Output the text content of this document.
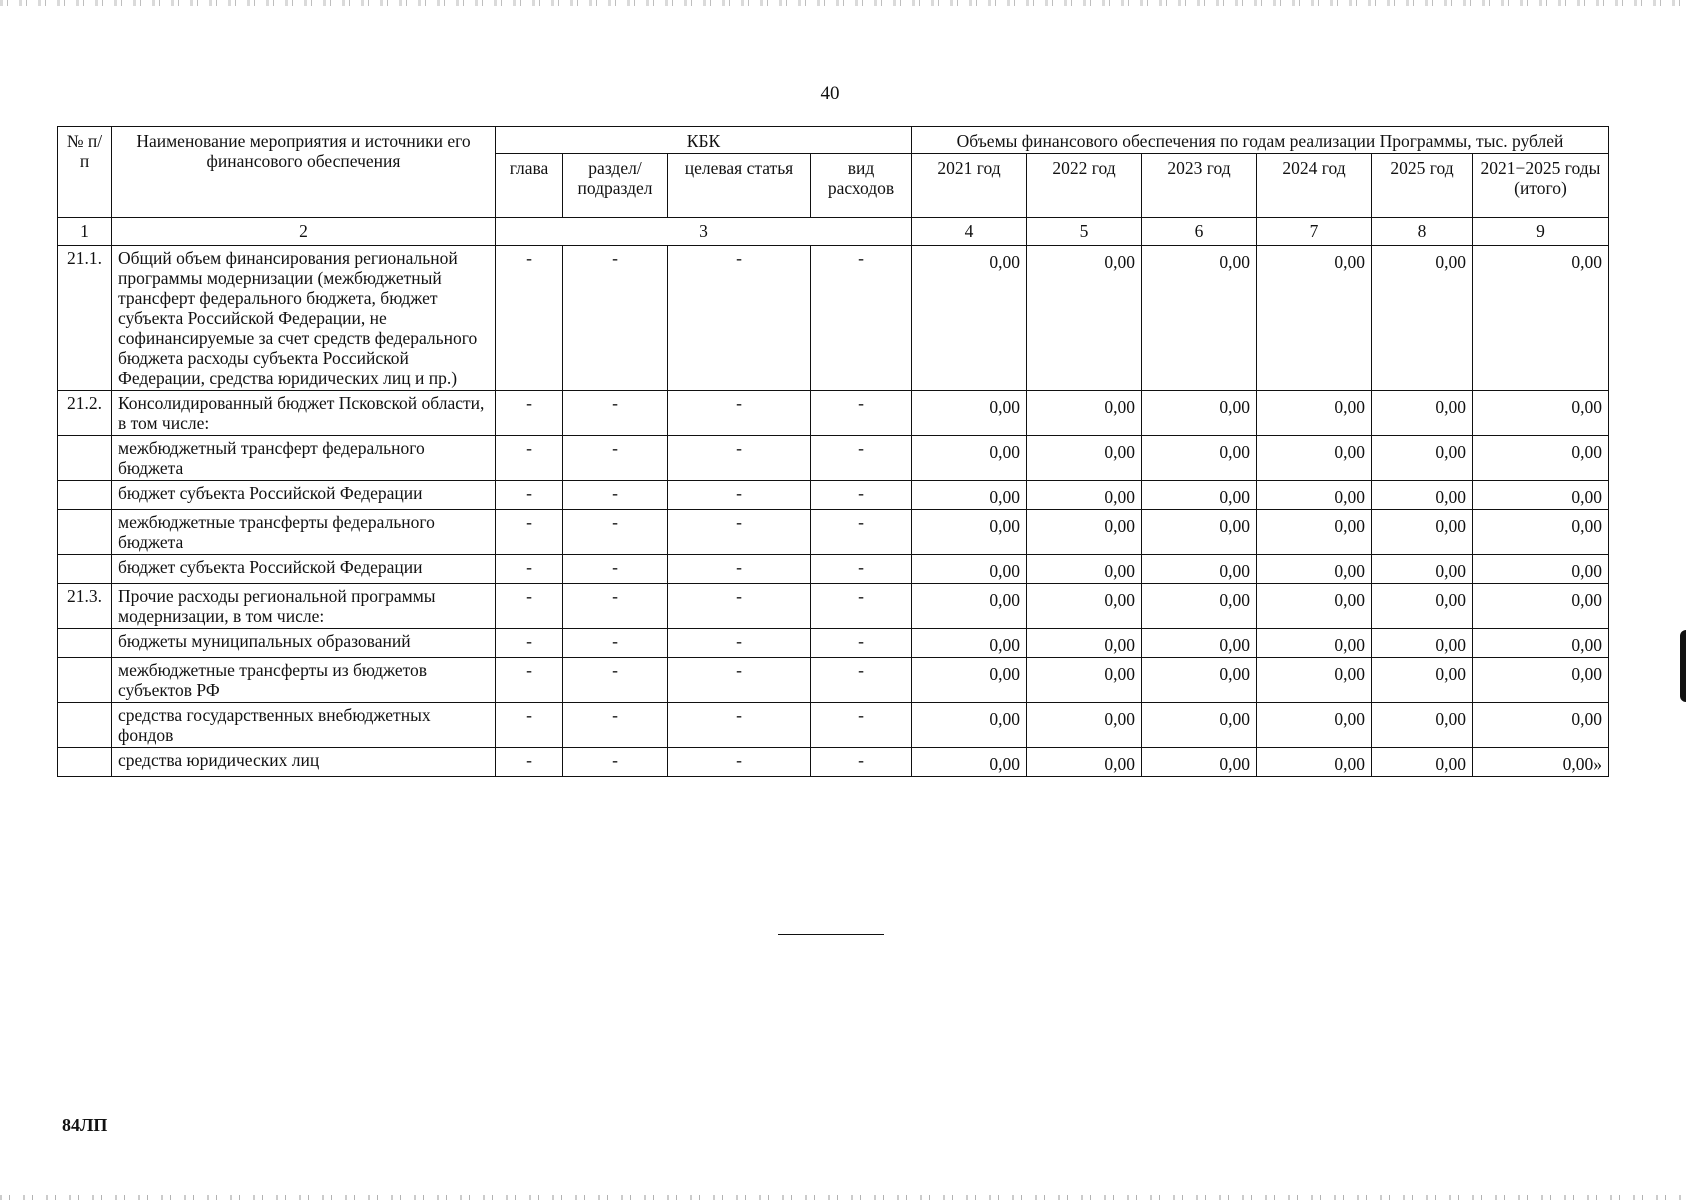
40
№ п/п	Наименование мероприятия и источники его финансового обеспечения	КБК				Объемы финансового обеспечения по годам реализации Программы, тыс. рублей					
		глава	раздел/ подраздел	целевая статья	вид расходов	2021 год	2022 год	2023 год	2024 год	2025 год	2021−2025 годы (итого)
1	2	3				4	5	6	7	8	9
21.1.	Общий объем финансирования региональной программы модернизации (межбюджетный трансферт федерального бюджета, бюджет субъекта Российской Федерации, не софинансируемые за счет средств федерального бюджета расходы субъекта Российской Федерации, средства юридических лиц и пр.)	-	-	-	-	0,00	0,00	0,00	0,00	0,00	0,00
21.2.	Консолидированный бюджет Псковской области, в том числе:	-	-	-	-	0,00	0,00	0,00	0,00	0,00	0,00
	межбюджетный трансферт федерального бюджета	-	-	-	-	0,00	0,00	0,00	0,00	0,00	0,00
	бюджет субъекта Российской Федерации	-	-	-	-	0,00	0,00	0,00	0,00	0,00	0,00
	межбюджетные трансферты федерального бюджета	-	-	-	-	0,00	0,00	0,00	0,00	0,00	0,00
	бюджет субъекта Российской Федерации	-	-	-	-	0,00	0,00	0,00	0,00	0,00	0,00
21.3.	Прочие расходы региональной программы модернизации, в том числе:	-	-	-	-	0,00	0,00	0,00	0,00	0,00	0,00
	бюджеты муниципальных образований	-	-	-	-	0,00	0,00	0,00	0,00	0,00	0,00
	межбюджетные трансферты из бюджетов субъектов РФ	-	-	-	-	0,00	0,00	0,00	0,00	0,00	0,00
	средства государственных внебюджетных фондов	-	-	-	-	0,00	0,00	0,00	0,00	0,00	0,00
	средства юридических лиц	-	-	-	-	0,00	0,00	0,00	0,00	0,00	0,00»
84ЛП
